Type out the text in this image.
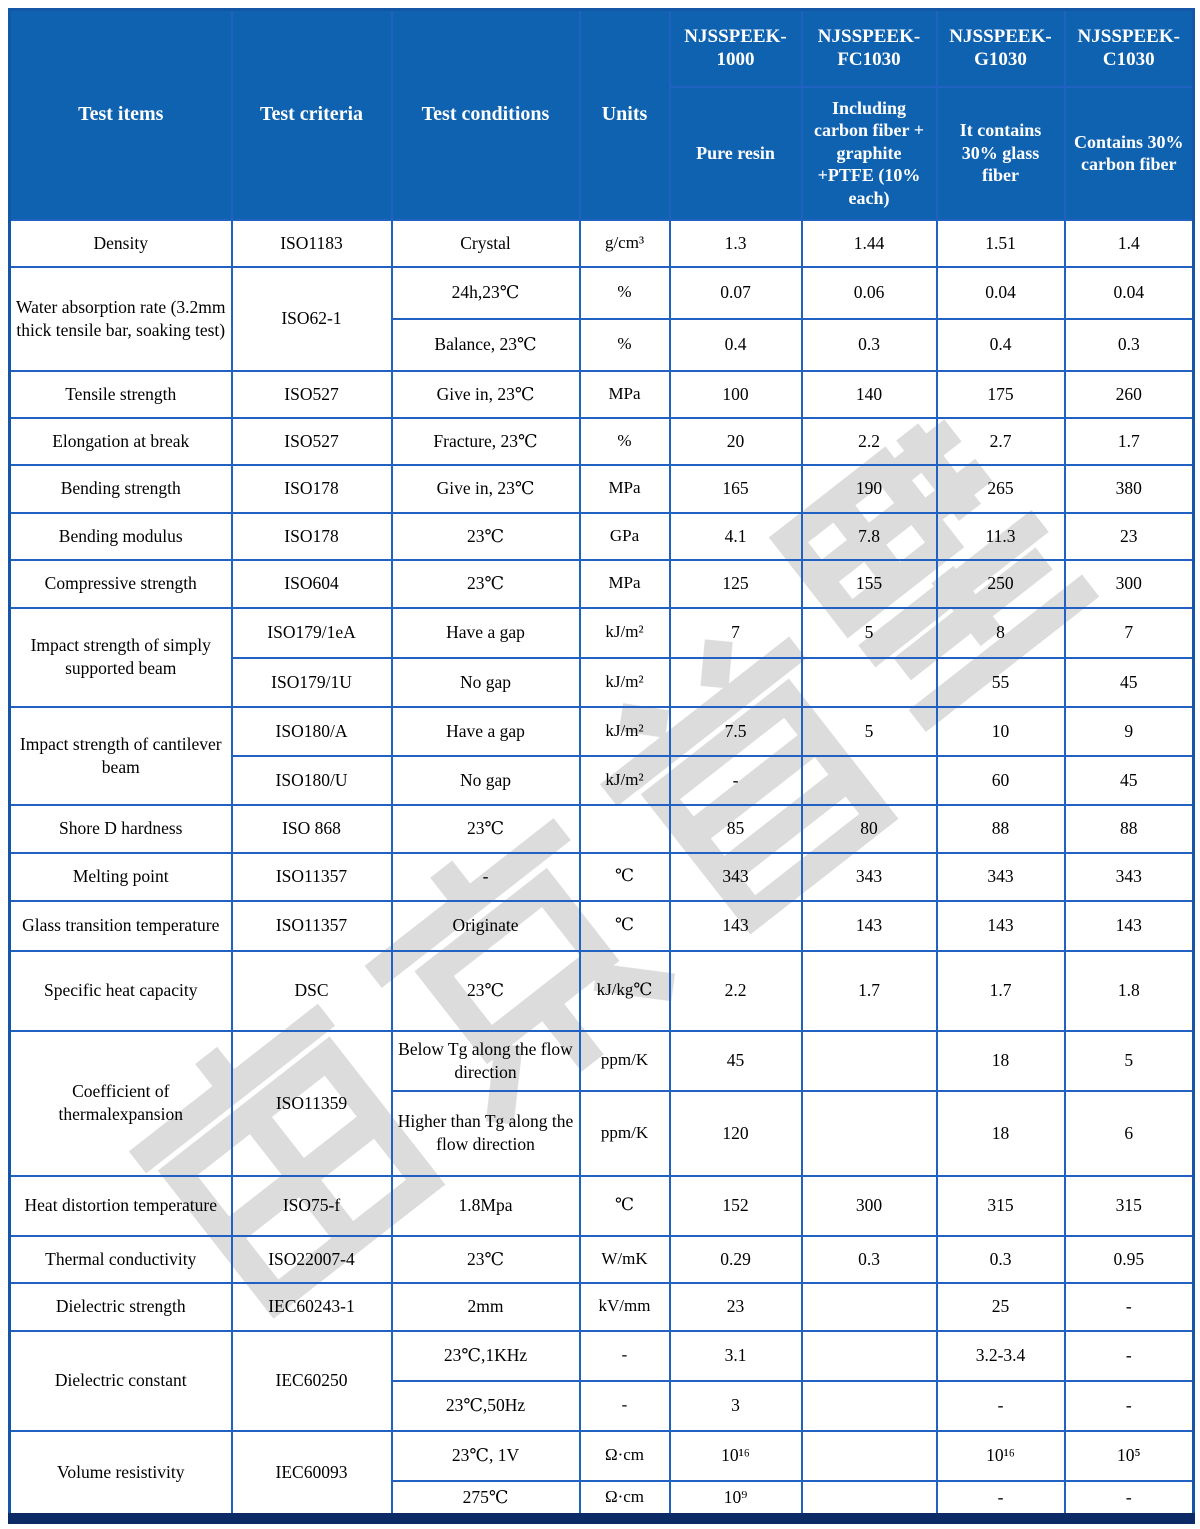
Test items	Test criteria	Test conditions	Units	NJSSPEEK-1000	NJSSPEEK-FC1030	NJSSPEEK-G1030	NJSSPEEK-C1030
				Pure resin	Including carbon fiber + graphite +PTFE (10% each)	It contains 30% glass fiber	Contains 30% carbon fiber
Density	ISO1183	Crystal	g/cm³	1.3	1.44	1.51	1.4
Water absorption rate (3.2mm thick tensile bar, soaking test)	ISO62-1	24h,23℃	%	0.07	0.06	0.04	0.04
		Balance, 23℃	%	0.4	0.3	0.4	0.3
Tensile strength	ISO527	Give in, 23℃	MPa	100	140	175	260
Elongation at break	ISO527	Fracture, 23℃	%	20	2.2	2.7	1.7
Bending strength	ISO178	Give in, 23℃	MPa	165	190	265	380
Bending modulus	ISO178	23℃	GPa	4.1	7.8	11.3	23
Compressive strength	ISO604	23℃	MPa	125	155	250	300
Impact strength of simply supported beam	ISO179/1eA	Have a gap	kJ/m²	7	5	8	7
	ISO179/1U	No gap	kJ/m²			55	45
Impact strength of cantilever beam	ISO180/A	Have a gap	kJ/m²	7.5	5	10	9
	ISO180/U	No gap	kJ/m²	-		60	45
Shore D hardness	ISO 868	23℃		85	80	88	88
Melting point	ISO11357	-	℃	343	343	343	343
Glass transition temperature	ISO11357	Originate	℃	143	143	143	143
Specific heat capacity	DSC	23℃	kJ/kg℃	2.2	1.7	1.7	1.8
Coefficient of thermalexpansion	ISO11359	Below Tg along the flow direction	ppm/K	45		18	5
		Higher than Tg along the flow direction	ppm/K	120		18	6
Heat distortion temperature	ISO75-f	1.8Mpa	℃	152	300	315	315
Thermal conductivity	ISO22007-4	23℃	W/mK	0.29	0.3	0.3	0.95
Dielectric strength	IEC60243-1	2mm	kV/mm	23		25	-
Dielectric constant	IEC60250	23℃,1KHz	-	3.1		3.2-3.4	-
		23℃,50Hz	-	3		-	-
Volume resistivity	IEC60093	23℃, 1V	Ω·cm	10¹⁶		10¹⁶	10⁵
		275℃	Ω·cm	10⁹		-	-
